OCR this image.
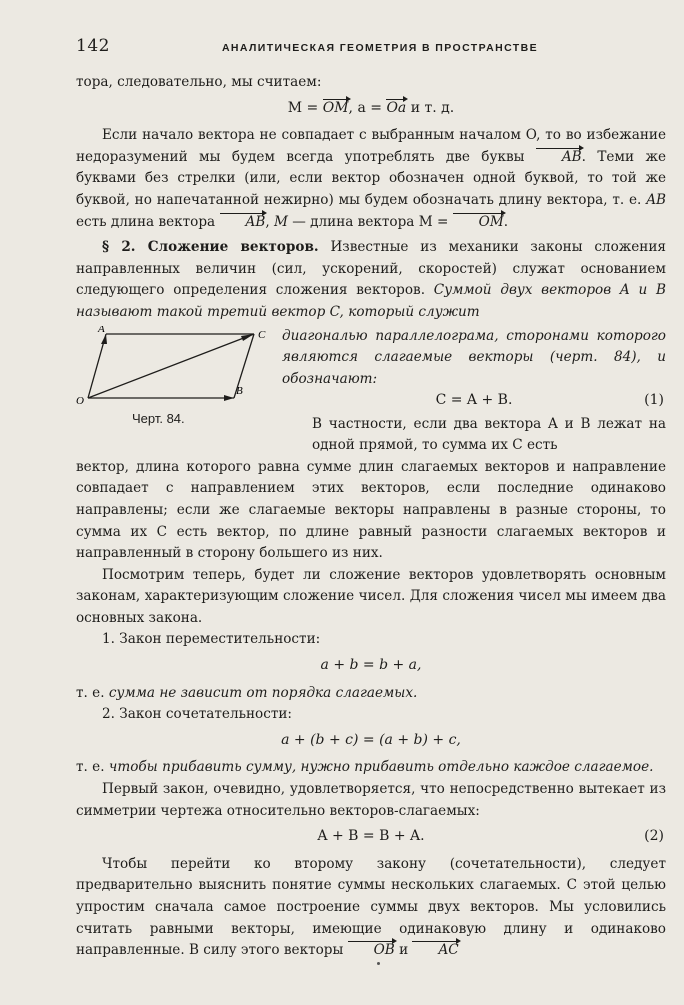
142	АНАЛИТИЧЕСКАЯ ГЕОМЕТРИЯ В ПРОСТРАНСТВЕ

тора, следовательно, мы считаем:

M = OM, a = Oa и т. д.

Если начало вектора не совпадает с выбранным началом O, то во избежание недоразумений мы будем всегда употреблять две буквы	AB. Теми же буквами без стрелки (или, если вектор обозначен одной буквой, то той же буквой, но напечатанной нежирно) мы будем обозначать длину вектора, т. е. AB есть длина вектора AB, M — длина вектора M = OM.

§ 2. Сложение векторов. Известные из механики законы сложения направленных величин (сил, ускорений, скоростей) служат основанием следующего определения сложения векторов. Суммой двух векторов A и B называют такой третий вектор C, который служит

A	C
O
B
Черт. 84.
диагональю параллелограма, сторонами которого являются слагаемые векторы (черт. 84), и обозначают:
C = A + B.	(1)

В частности, если два вектора A и B лежат на одной прямой, то сумма их C есть

вектор, длина которого равна сумме длин слагаемых векторов и направление совпадает с направлением этих векторов, если последние одинаково направлены; если же слагаемые векторы направлены в разные стороны, то сумма их C есть вектор, по длине равный разности слагаемых векторов и направленный в сторону большего из них.

Посмотрим теперь, будет ли сложение векторов удовлетворять основным законам, характеризующим сложение чисел. Для сложения чисел мы имеем два основных закона.

1. Закон переместительности:

a + b = b + a,

т. е. сумма не зависит от порядка слагаемых.

2. Закон сочетательности:

a + (b + c) = (a + b) + c,

т. е. чтобы прибавить сумму, нужно прибавить отдельно каждое слагаемое.

Первый закон, очевидно, удовлетворяется, что непосредственно вытекает из симметрии чертежа относительно векторов-слагаемых:

A + B = B + A.	(2)

Чтобы перейти ко второму закону (сочетательности), следует предварительно выяснить понятие суммы нескольких слагаемых. С этой целью упростим сначала самое построение суммы двух векторов. Мы условились считать равными векторы, имеющие одинаковую длину и одинаково направленные. В силу этого векторы OB и AC
